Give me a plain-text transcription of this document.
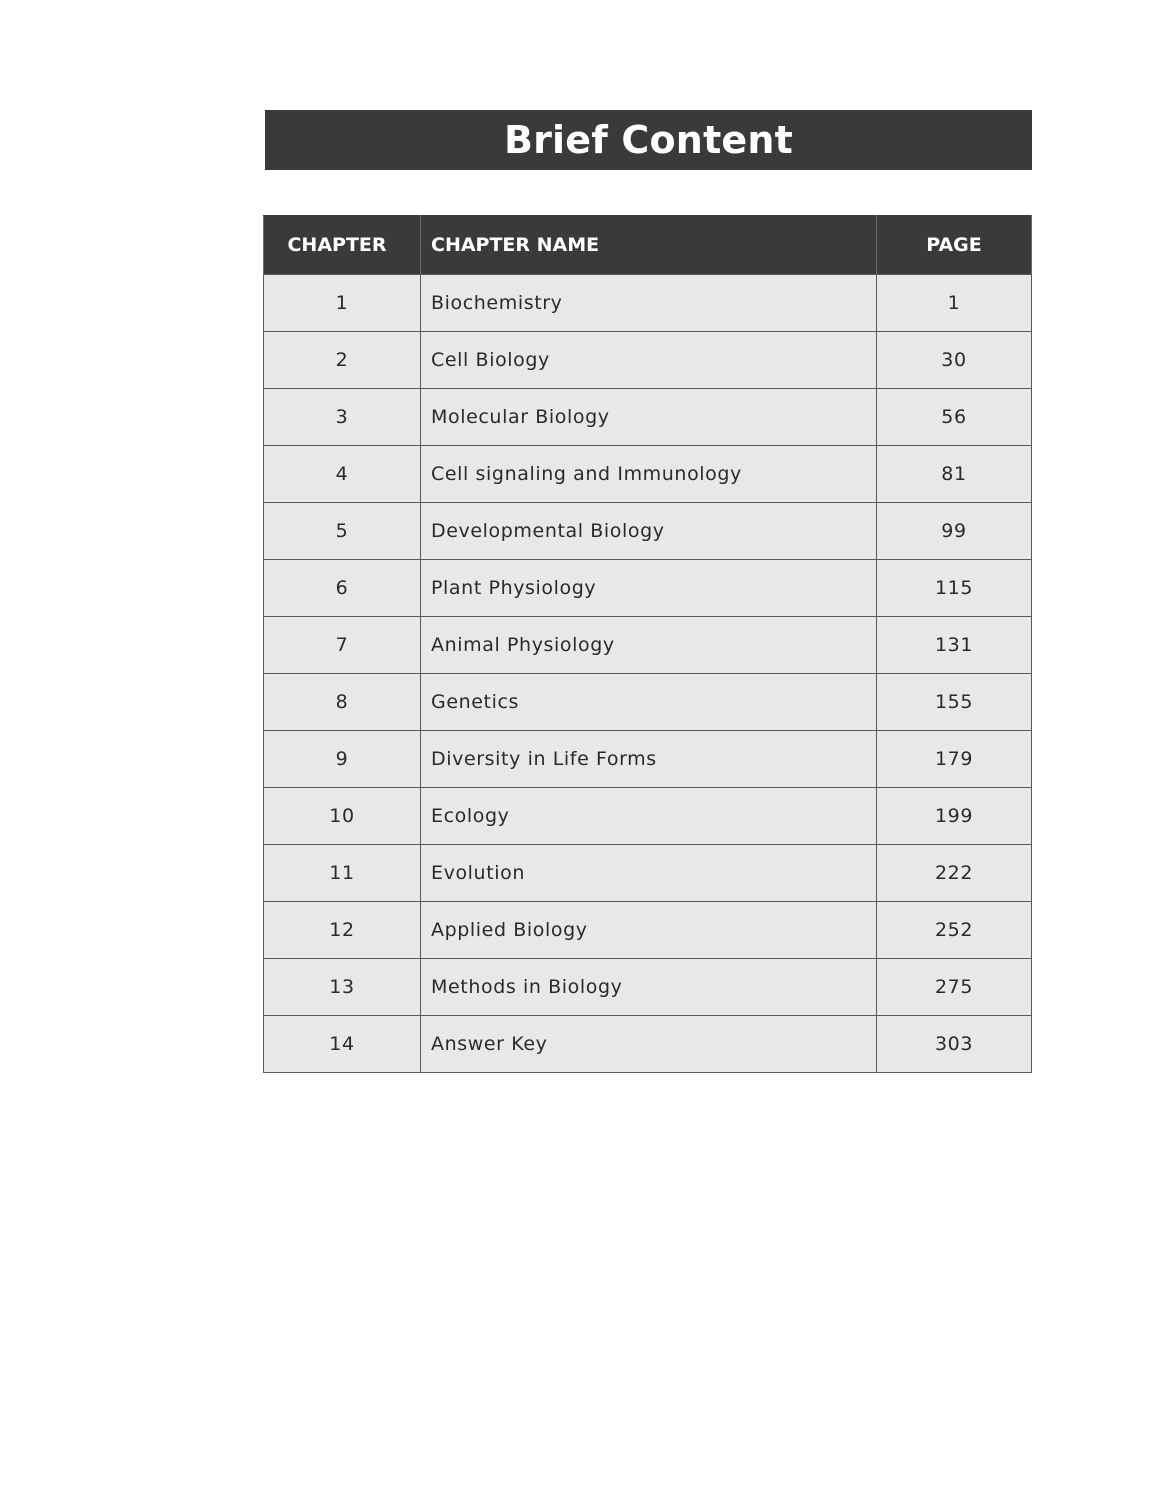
Brief Content
CHAPTER	CHAPTER NAME	PAGE
1	Biochemistry	1
2	Cell Biology	30
3	Molecular Biology	56
4	Cell signaling and Immunology	81
5	Developmental Biology	99
6	Plant Physiology	115
7	Animal Physiology	131
8	Genetics	155
9	Diversity in Life Forms	179
10	Ecology	199
11	Evolution	222
12	Applied Biology	252
13	Methods in Biology	275
14	Answer Key	303
